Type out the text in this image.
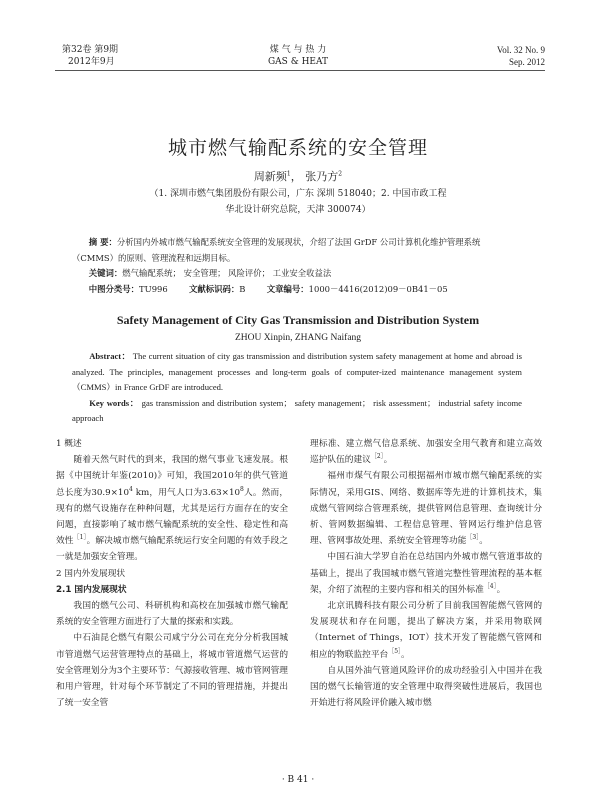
第32卷 第9期
2012年9月
煤 气 与 热 力
GAS & HEAT
Vol. 32 No. 9
Sep. 2012
城市燃气输配系统的安全管理
周新频$^1$， 张乃方$^2$
（1. 深圳市燃气集团股份有限公司，广东 深圳 518040；2. 中国市政工程
华北设计研究总院，天津 300074）
摘 要：分析国内外城市燃气输配系统安全管理的发展现状，介绍了法国 GrDF 公司计算机化维护管理系统（CMMS）的原则、管理流程和远期目标。
关键词：燃气输配系统； 安全管理； 风险评价； 工业安全收益法
中图分类号：TU996	文献标识码：B	文章编号：1000－4416(2012)09－0B41－05
Safety Management of City Gas Transmission and Distribution System
ZHOU Xinpin, ZHANG Naifang
Abstract： The current situation of city gas transmission and distribution system safety management at home and abroad is analyzed. The principles, management processes and long-term goals of computer-ized maintenance management system（CMMS）in France GrDF are introduced.
Key words： gas transmission and distribution system； safety management； risk assessment； industrial safety income approach
1 概述

随着天然气时代的到来，我国的燃气事业飞速发展。根据《中国统计年鉴(2010)》可知，我国2010年的供气管道总长度为$30.9\times 10^4$ km，用气人口为$3.63\times 10^8$人。然而，现有的燃气设施存在种种问题，尤其是运行方面存在的安全问题，直接影响了城市燃气输配系统的安全性、稳定性和高效性$^{[1]}$。解决城市燃气输配系统运行安全问题的有效手段之一就是加强安全管理。

2 国内外发展现状
2.1 国内发展现状

我国的燃气公司、科研机构和高校在加强城市燃气输配系统的安全管理方面进行了大量的探索和实践。

中石油昆仑燃气有限公司咸宁分公司在充分分析我国城市管道燃气运营管理特点的基础上，将城市管道燃气运营的安全管理划分为3个主要环节：气源接收管理、城市管网管理和用户管理，针对每个环节制定了不同的管理措施，并提出了统一安全管

理标准、建立燃气信息系统、加强安全用气教育和建立高效巡护队伍的建议$^{[2]}$。

福州市煤气有限公司根据福州市城市燃气输配系统的实际情况，采用GIS、网络、数据库等先进的计算机技术，集成燃气管网综合管理系统，提供管网信息管理、查询统计分析、管网数据编辑、工程信息管理、管网运行维护信息管理、管网事故处理、系统安全管理等功能$^{[3]}$。

中国石油大学罗自治在总结国内外城市燃气管道事故的基础上，提出了我国城市燃气管道完整性管理流程的基本框架，介绍了流程的主要内容和相关的国外标准$^{[4]}$。

北京讯腾科技有限公司分析了目前我国智能燃气管网的发展现状和存在问题，提出了解决方案，并采用物联网（Internet of Things，IOT）技术开发了智能燃气管网和相应的物联监控平台$^{[5]}$。

自从国外油气管道风险评价的成功经验引入中国并在我国的燃气长输管道的安全管理中取得突破性进展后，我国也开始进行将风险评价融入城市燃

· B 41 ·
